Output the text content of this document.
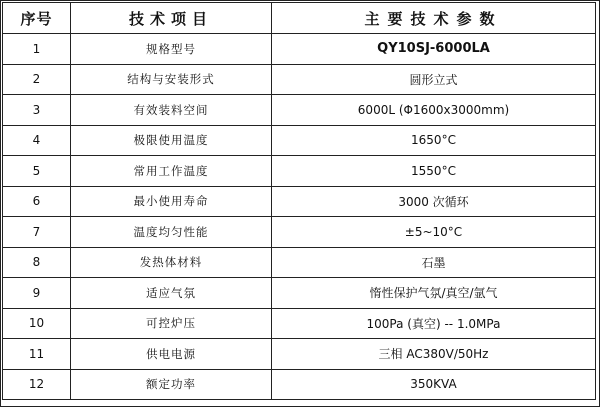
序号	技术项目	主要技术参数
1	规格型号	QY10SJ-6000LA
2	结构与安装形式	圆形立式
3	有效装料空间	6000L (Φ1600x3000mm)
4	极限使用温度	1650°C
5	常用工作温度	1550°C
6	最小使用寿命	3000 次循环
7	温度均匀性能	±5~10°C
8	发热体材料	石墨
9	适应气氛	惰性保护气氛/真空/氩气
10	可控炉压	100Pa (真空) -- 1.0MPa
11	供电电源	三相 AC380V/50Hz
12	额定功率	350KVA
